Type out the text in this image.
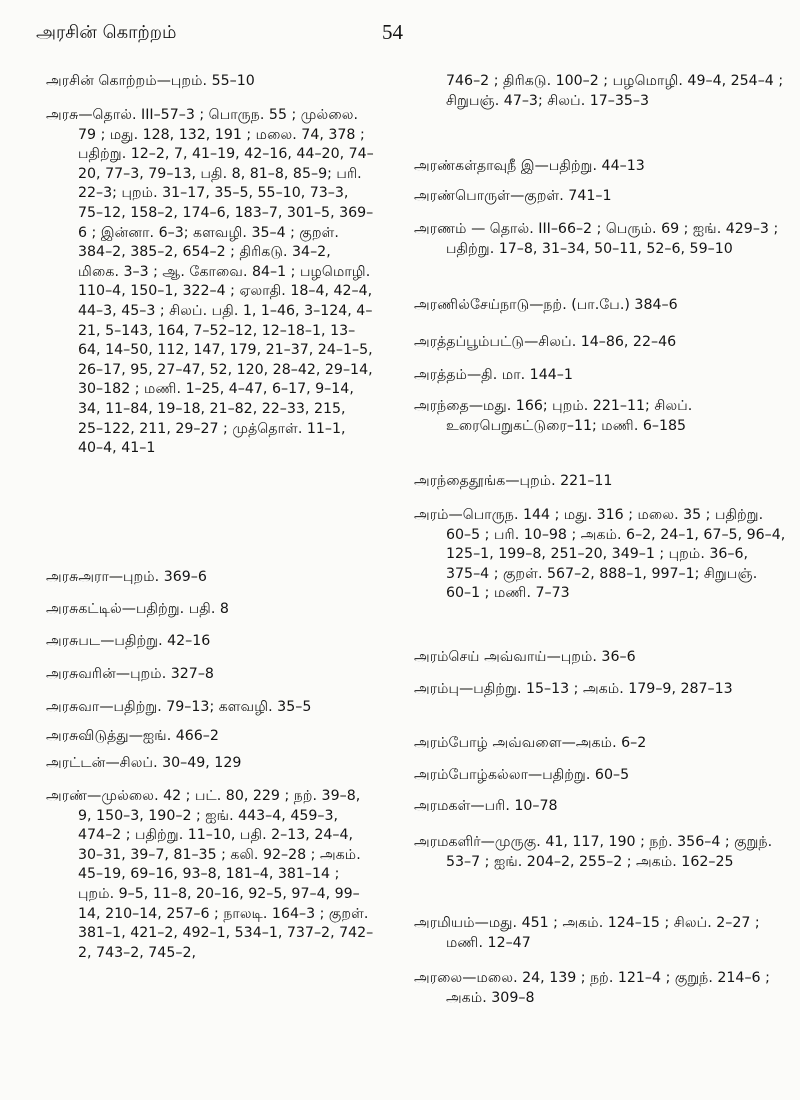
அரசின் கொற்றம்	54
அரசின் கொற்றம்—புறம். 55–10
அரசு—தொல். III–57–3 ; பொருந. 55 ; முல்லை. 79 ; மது. 128, 132, 191 ; மலை. 74, 378 ; பதிற்று. 12–2, 7, 41–19, 42–16, 44–20, 74–20, 77–3, 79–13, பதி. 8, 81–8, 85–9; பரி. 22–3; புறம். 31–17, 35–5, 55–10, 73–3, 75–12, 158–2, 174–6, 183–7, 301–5, 369–6 ; இன்னா. 6–3; களவழி. 35–4 ; குறள். 384–2, 385–2, 654–2 ; திரிகடு. 34–2, மிகை. 3–3 ; ஆ. கோவை. 84–1 ; பழமொழி. 110–4, 150–1, 322–4 ; ஏலாதி. 18–4, 42–4, 44–3, 45–3 ; சிலப். பதி. 1, 1–46, 3–124, 4–21, 5–143, 164, 7–52–12, 12–18–1, 13–64, 14–50, 112, 147, 179, 21–37, 24–1–5, 26–17, 95, 27–47, 52, 120, 28–42, 29–14, 30–182 ; மணி. 1–25, 4–47, 6–17, 9–14, 34, 11–84, 19–18, 21–82, 22–33, 215, 25–122, 211, 29–27 ; முத்தொள். 11–1, 40–4, 41–1
அரசுஅரா—புறம். 369–6
அரசுகட்டில்—பதிற்று. பதி. 8
அரசுபட—பதிற்று. 42–16
அரசுவரின்—புறம். 327–8
அரசுவா—பதிற்று. 79–13; களவழி. 35–5
அரசுவிடுத்து—ஐங். 466–2
அரட்டன்—சிலப். 30–49, 129
அரண்—முல்லை. 42 ; பட். 80, 229 ; நற். 39–8, 9, 150–3, 190–2 ; ஐங். 443–4, 459–3, 474–2 ; பதிற்று. 11–10, பதி. 2–13, 24–4, 30–31, 39–7, 81–35 ; கலி. 92–28 ; அகம். 45–19, 69–16, 93–8, 181–4, 381–14 ; புறம். 9–5, 11–8, 20–16, 92–5, 97–4, 99–14, 210–14, 257–6 ; நாலடி. 164–3 ; குறள். 381–1, 421–2, 492–1, 534–1, 737–2, 742–2, 743–2, 745–2,
746–2 ; திரிகடு. 100–2 ; பழமொழி. 49–4, 254–4 ; சிறுபஞ். 47–3; சிலப். 17–35–3
அரண்கள்தாவுநீ இ—பதிற்று. 44–13
அரண்பொருள்—குறள். 741–1
அரணம் — தொல். III–66–2 ; பெரும். 69 ; ஐங். 429–3 ; பதிற்று. 17–8, 31–34, 50–11, 52–6, 59–10
அரணில்சேய்நாடு—நற். (பா.பே.) 384–6
அரத்தப்பூம்பட்டு—சிலப். 14–86, 22–46
அரத்தம்—தி. மா. 144–1
அரந்தை—மது. 166; புறம். 221–11; சிலப். உரைபெறுகட்டுரை–11; மணி. 6–185
அரந்தைதூங்க—புறம். 221–11
அரம்—பொருந. 144 ; மது. 316 ; மலை. 35 ; பதிற்று. 60–5 ; பரி. 10–98 ; அகம். 6–2, 24–1, 67–5, 96–4, 125–1, 199–8, 251–20, 349–1 ; புறம். 36–6, 375–4 ; குறள். 567–2, 888–1, 997–1; சிறுபஞ். 60–1 ; மணி. 7–73
அரம்செய் அவ்வாய்—புறம். 36–6
அரம்பு—பதிற்று. 15–13 ; அகம். 179–9, 287–13
அரம்போழ் அவ்வளை—அகம். 6–2
அரம்போழ்கல்லா—பதிற்று. 60–5
அரமகள்—பரி. 10–78
அரமகளிர்—முருகு. 41, 117, 190 ; நற். 356–4 ; குறுந். 53–7 ; ஐங். 204–2, 255–2 ; அகம். 162–25
அரமியம்—மது. 451 ; அகம். 124–15 ; சிலப். 2–27 ; மணி. 12–47
அரலை—மலை. 24, 139 ; நற். 121–4 ; குறுந். 214–6 ; அகம். 309–8
